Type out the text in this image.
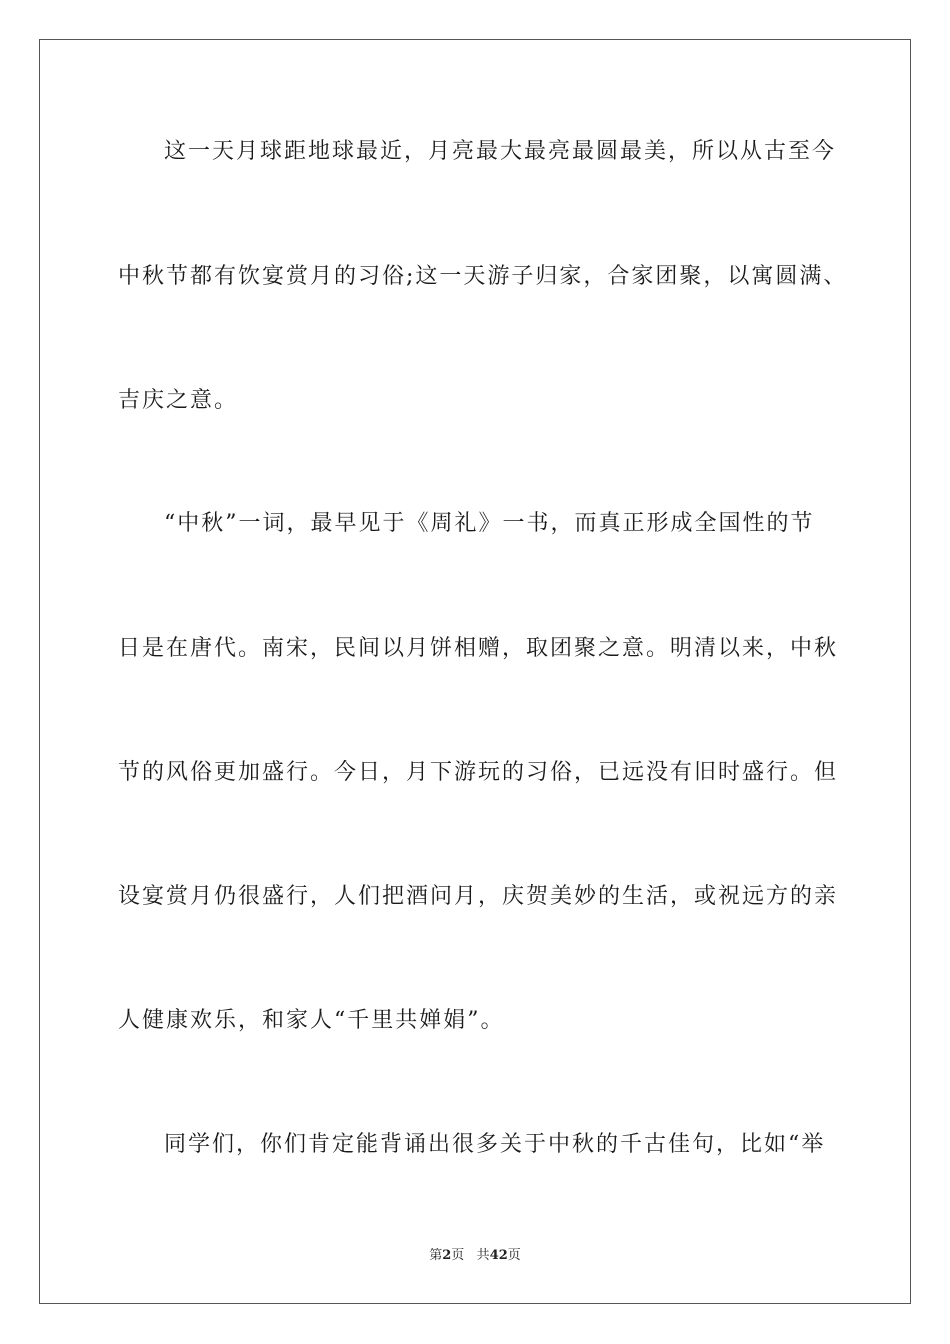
这一天月球距地球最近，月亮最大最亮最圆最美，所以从古至今
中秋节都有饮宴赏月的习俗;这一天游子归家，合家团聚，以寓圆满、
吉庆之意。
“中秋”一词，最早见于《周礼》一书，而真正形成全国性的节
日是在唐代。南宋，民间以月饼相赠，取团聚之意。明清以来，中秋
节的风俗更加盛行。今日，月下游玩的习俗，已远没有旧时盛行。但
设宴赏月仍很盛行，人们把酒问月，庆贺美妙的生活，或祝远方的亲
人健康欢乐，和家人“千里共婵娟”。
同学们，你们肯定能背诵出很多关于中秋的千古佳句，比如“举
第2页 共42页
